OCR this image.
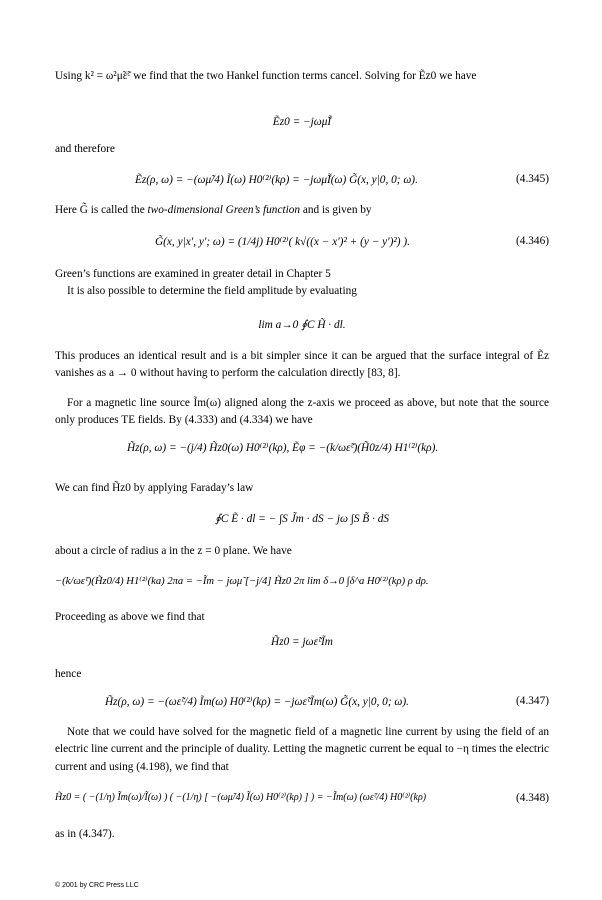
Using k² = ω²μ̃ε̃ᶜ we find that the two Hankel function terms cancel. Solving for Ẽz0 we have

Ẽz0 = −jωμ̃Ĩ

and therefore

Ẽz(ρ, ω) = −(ωμ̃/4) Ĩ(ω) H0⁽²⁾(kρ) = −jωμ̃Ĩ(ω) G̃(x, y|0, 0; ω).	(4.345)

Here G̃ is called the two-dimensional Green’s function and is given by

G̃(x, y|x′, y′; ω) = (1/4j) H0⁽²⁾( k√((x − x′)² + (y − y′)²) ).	(4.346)

Green’s functions are examined in greater detail in Chapter 5

It is also possible to determine the field amplitude by evaluating

lim a→0 ∮C H̃ · dl.

This produces an identical result and is a bit simpler since it can be argued that the surface integral of Ẽz vanishes as a → 0 without having to perform the calculation directly [83, 8].

For a magnetic line source Ĩm(ω) aligned along the z-axis we proceed as above, but note that the source only produces TE fields. By (4.333) and (4.334) we have

H̃z(ρ, ω) = −(j/4) H̃z0(ω) H0⁽²⁾(kρ), Ẽφ = −(k/ωε̃ᶜ)(H̃0z/4) H1⁽²⁾(kρ).

We can find H̃z0 by applying Faraday’s law

∮C Ẽ · dl = − ∫S J̃m · dS − jω ∫S B̃ · dS

about a circle of radius a in the z = 0 plane. We have

−(k/ωε̃ᶜ)(H̃z0/4) H1⁽²⁾(ka) 2πa = −Ĩm − jωμ̃ [−j/4] H̃z0 2π lim δ→0 ∫δ^a H0⁽²⁾(kρ) ρ dρ.

Proceeding as above we find that

H̃z0 = jωε̃ᶜĨm

hence

H̃z(ρ, ω) = −(ωε̃ᶜ/4) Ĩm(ω) H0⁽²⁾(kρ) = −jωε̃ᶜĨm(ω) G̃(x, y|0, 0; ω).	(4.347)

Note that we could have solved for the magnetic field of a magnetic line current by using the field of an electric line current and the principle of duality. Letting the magnetic current be equal to −η times the electric current and using (4.198), we find that

H̃z0 = ( −(1/η) Ĩm(ω)/Ĩ(ω) ) ( −(1/η) [ −(ωμ̃/4) Ĩ(ω) H0⁽²⁾(kρ) ] ) = −Ĩm(ω) (ωε̃ᶜ/4) H0⁽²⁾(kρ)	(4.348)

as in (4.347).

© 2001 by CRC Press LLC
